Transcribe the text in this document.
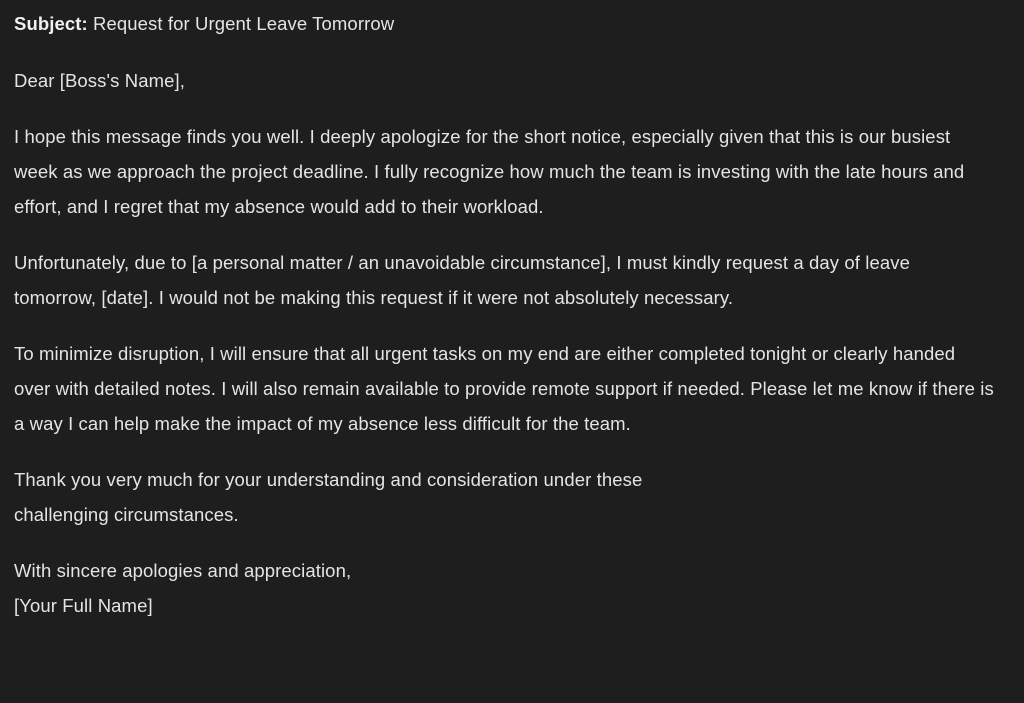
Subject: Request for Urgent Leave Tomorrow

Dear [Boss's Name],

I hope this message finds you well. I deeply apologize for the short notice, especially given that this is our busiest week as we approach the project deadline. I fully recognize how much the team is investing with the late hours and effort, and I regret that my absence would add to their workload.

Unfortunately, due to [a personal matter / an unavoidable circumstance], I must kindly request a day of leave tomorrow, [date]. I would not be making this request if it were not absolutely necessary.

To minimize disruption, I will ensure that all urgent tasks on my end are either completed tonight or clearly handed over with detailed notes. I will also remain available to provide remote support if needed. Please let me know if there is a way I can help make the impact of my absence less difficult for the team.

Thank you very much for your understanding and consideration under these
challenging circumstances.

With sincere apologies and appreciation,
[Your Full Name]
